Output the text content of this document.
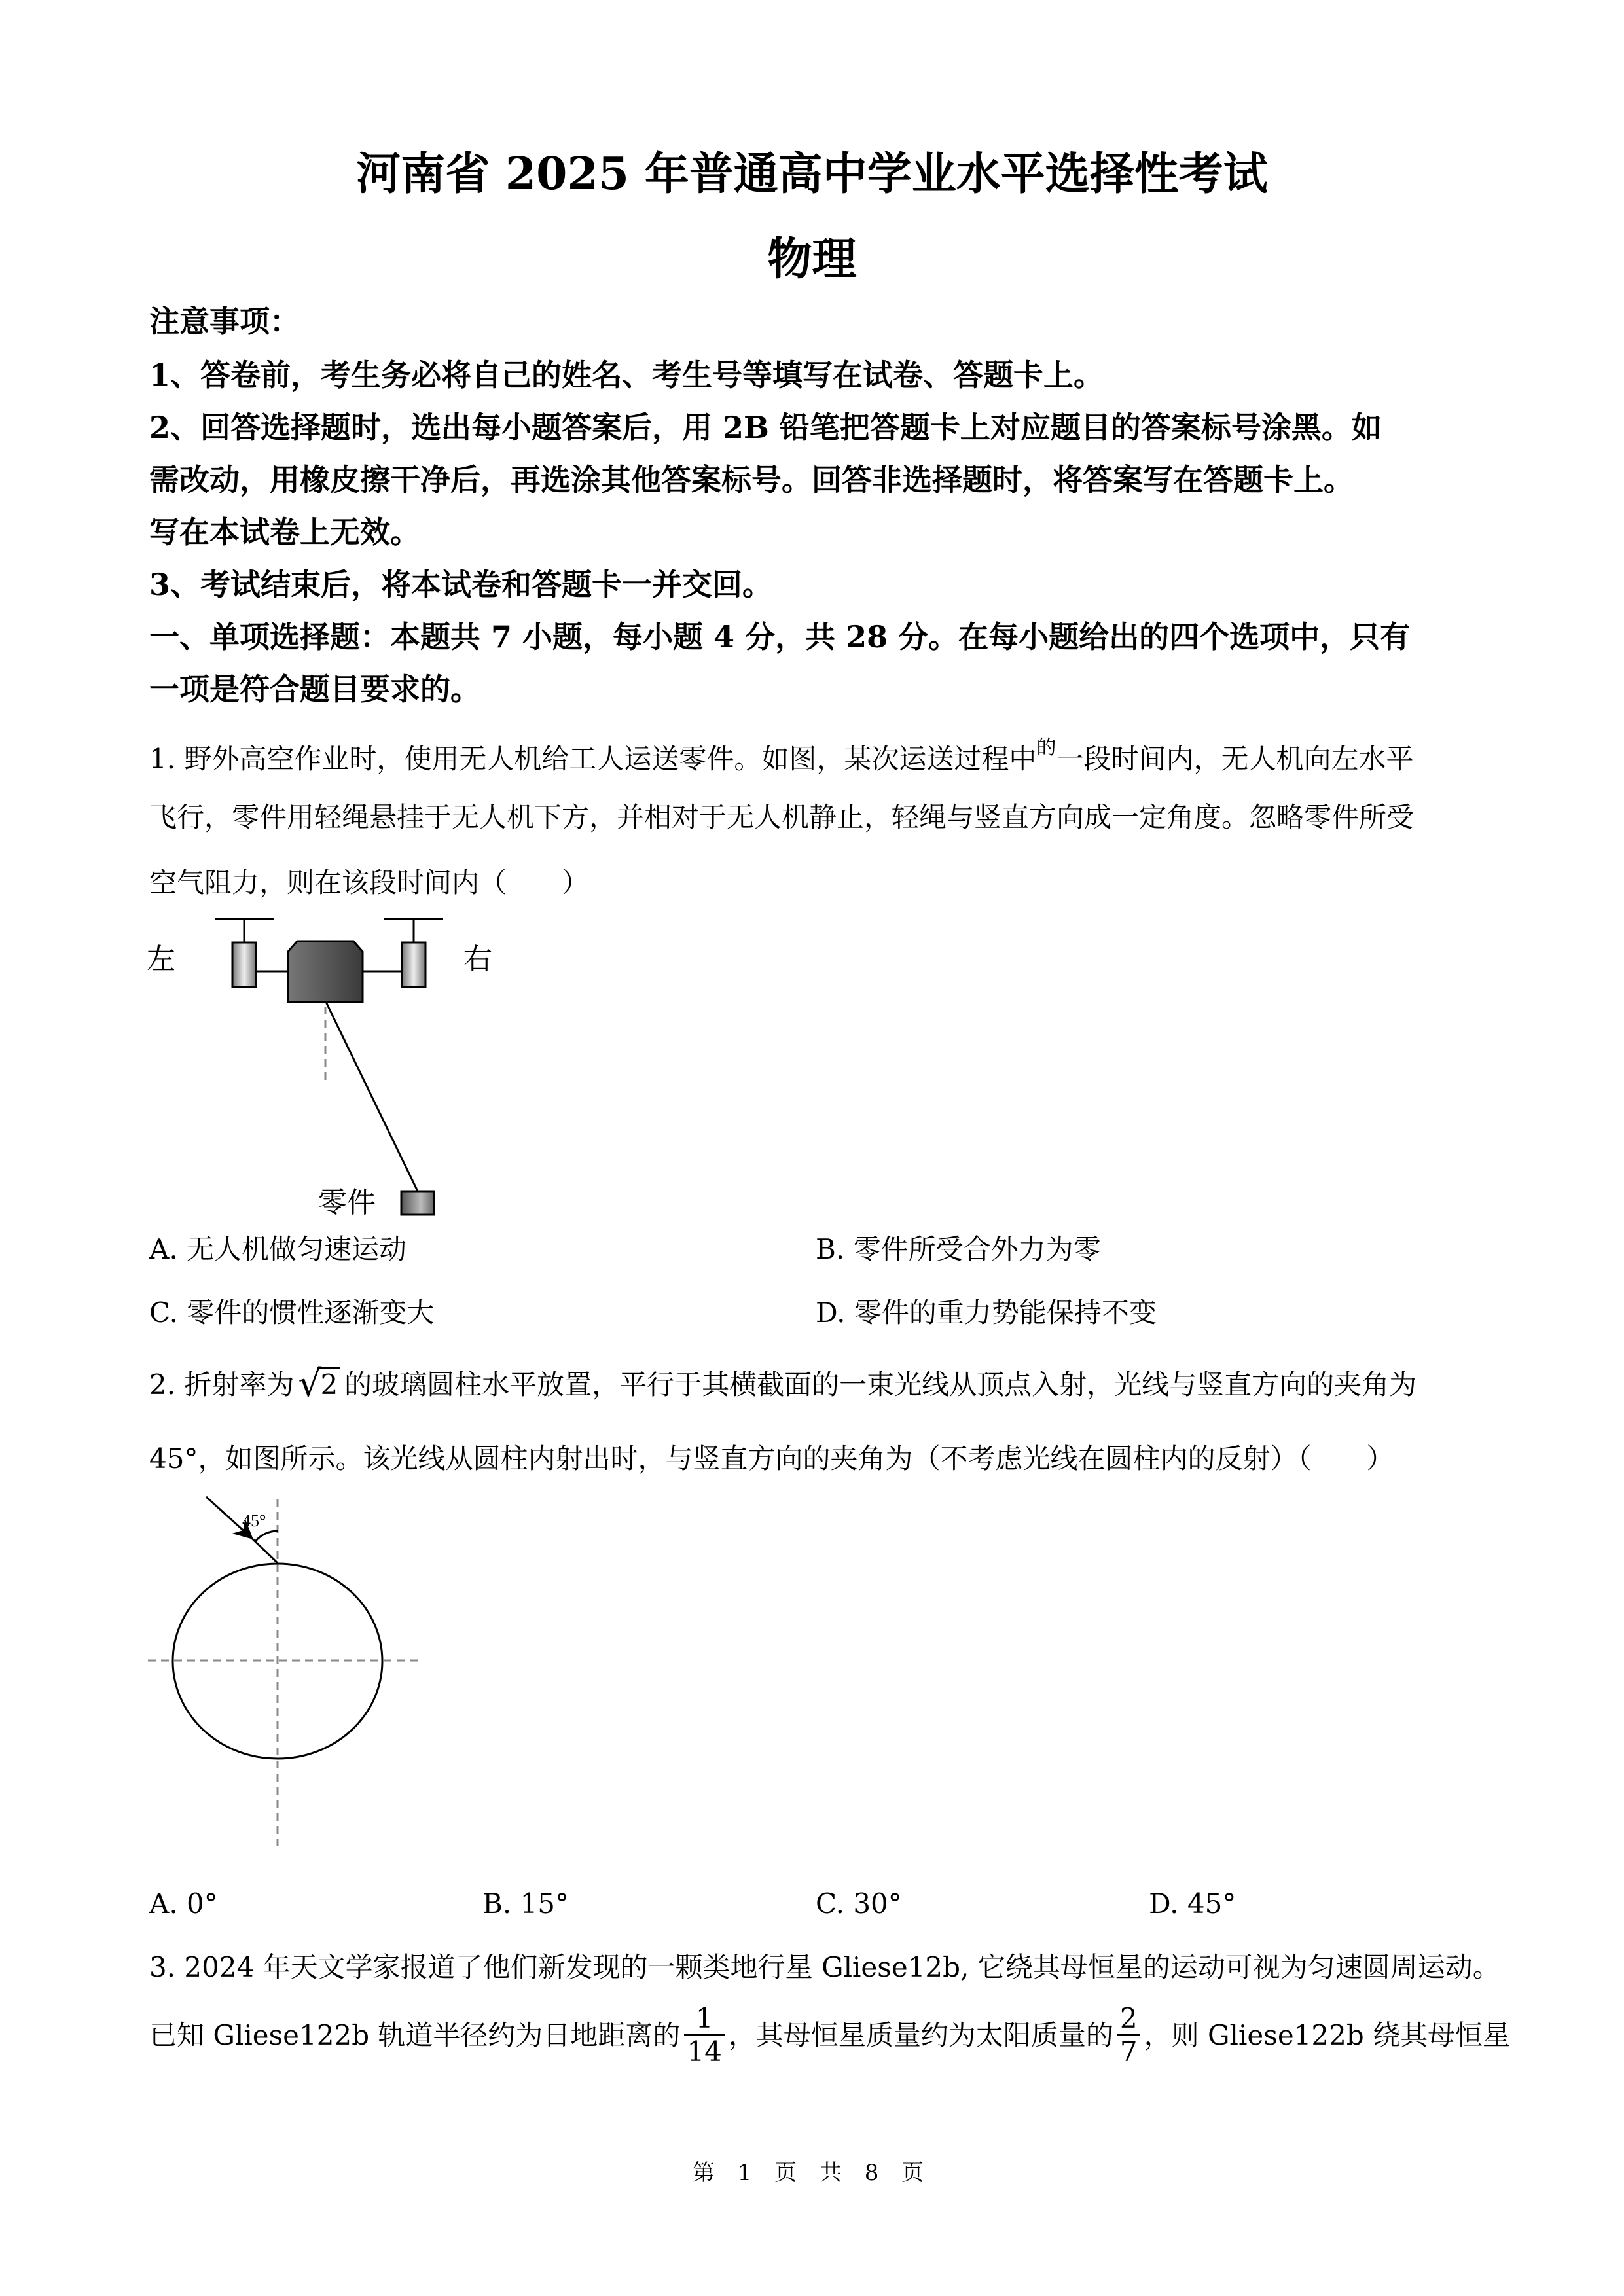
河南省 2025 年普通高中学业水平选择性考试
物理
注意事项：
1、答卷前，考生务必将自己的姓名、考生号等填写在试卷、答题卡上。
2、回答选择题时，选出每小题答案后，用 2B 铅笔把答题卡上对应题目的答案标号涂黑。如
需改动，用橡皮擦干净后，再选涂其他答案标号。回答非选择题时，将答案写在答题卡上。
写在本试卷上无效。
3、考试结束后，将本试卷和答题卡一并交回。
一、单项选择题：本题共 7 小题，每小题 4 分，共 28 分。在每小题给出的四个选项中，只有
一项是符合题目要求的。
1. 野外高空作业时，使用无人机给工人运送零件。如图，某次运送过程中$^的$一段时间内，无人机向左水平
飞行，零件用轻绳悬挂于无人机下方，并相对于无人机静止，轻绳与竖直方向成一定角度。忽略零件所受
空气阻力，则在该段时间内（　　）
左	右
零件
A. 无人机做匀速运动	B. 零件所受合外力为零
C. 零件的惯性逐渐变大	D. 零件的重力势能保持不变
2. 折射率为 √
2 的玻璃圆柱水平放置，平行于其横截面的一束光线从顶点入射，光线与竖直方向的夹角为
45°，如图所示。该光线从圆柱内射出时，与竖直方向的夹角为（不考虑光线在圆柱内的反射）（　　）
45°
A. 0°	B. 15°	C. 30°	D. 45°
3. 2024 年天文学家报道了他们新发现的一颗类地行星 Gliese12b, 它绕其母恒星的运动可视为匀速圆周运动。
已知 Gliese122b 轨道半径约为日地距离的 $\frac{1}{14}$ ，其母恒星质量约为太阳质量的 $\frac{2}{7}$ ，则 Gliese122b 绕其母恒星
第 1 页 共 8 页
